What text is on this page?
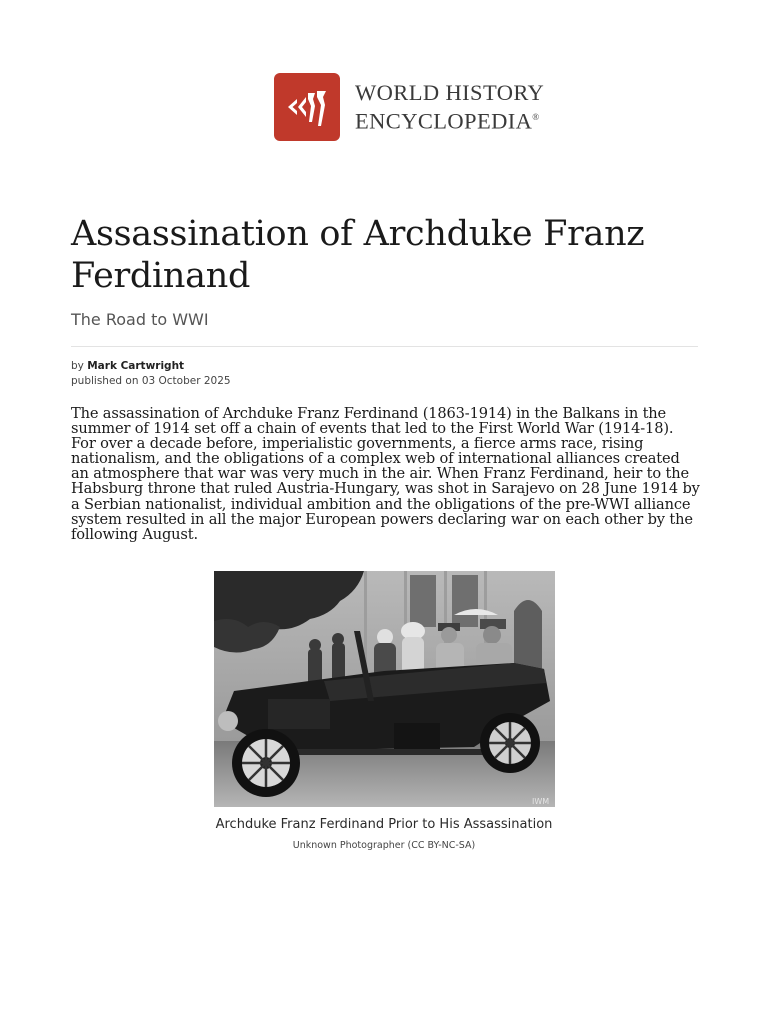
WORLD HISTORY
ENCYCLOPEDIA®
Assassination of Archduke Franz Ferdinand
The Road to WWI
by Mark Cartwright
published on 03 October 2025

The assassination of Archduke Franz Ferdinand (1863-1914) in the Balkans in the summer of 1914 set off a chain of events that led to the First World War (1914-18). For over a decade before, imperialistic governments, a fierce arms race, rising nationalism, and the obligations of a complex web of international alliances created an atmosphere that war was very much in the air. When Franz Ferdinand, heir to the Habsburg throne that ruled Austria-Hungary, was shot in Sarajevo on 28 June 1914 by a Serbian nationalist, individual ambition and the obligations of the pre-WWI alliance system resulted in all the major European powers declaring war on each other by the following August.

IWM
Archduke Franz Ferdinand Prior to His Assassination
Unknown Photographer (CC BY-NC-SA)
